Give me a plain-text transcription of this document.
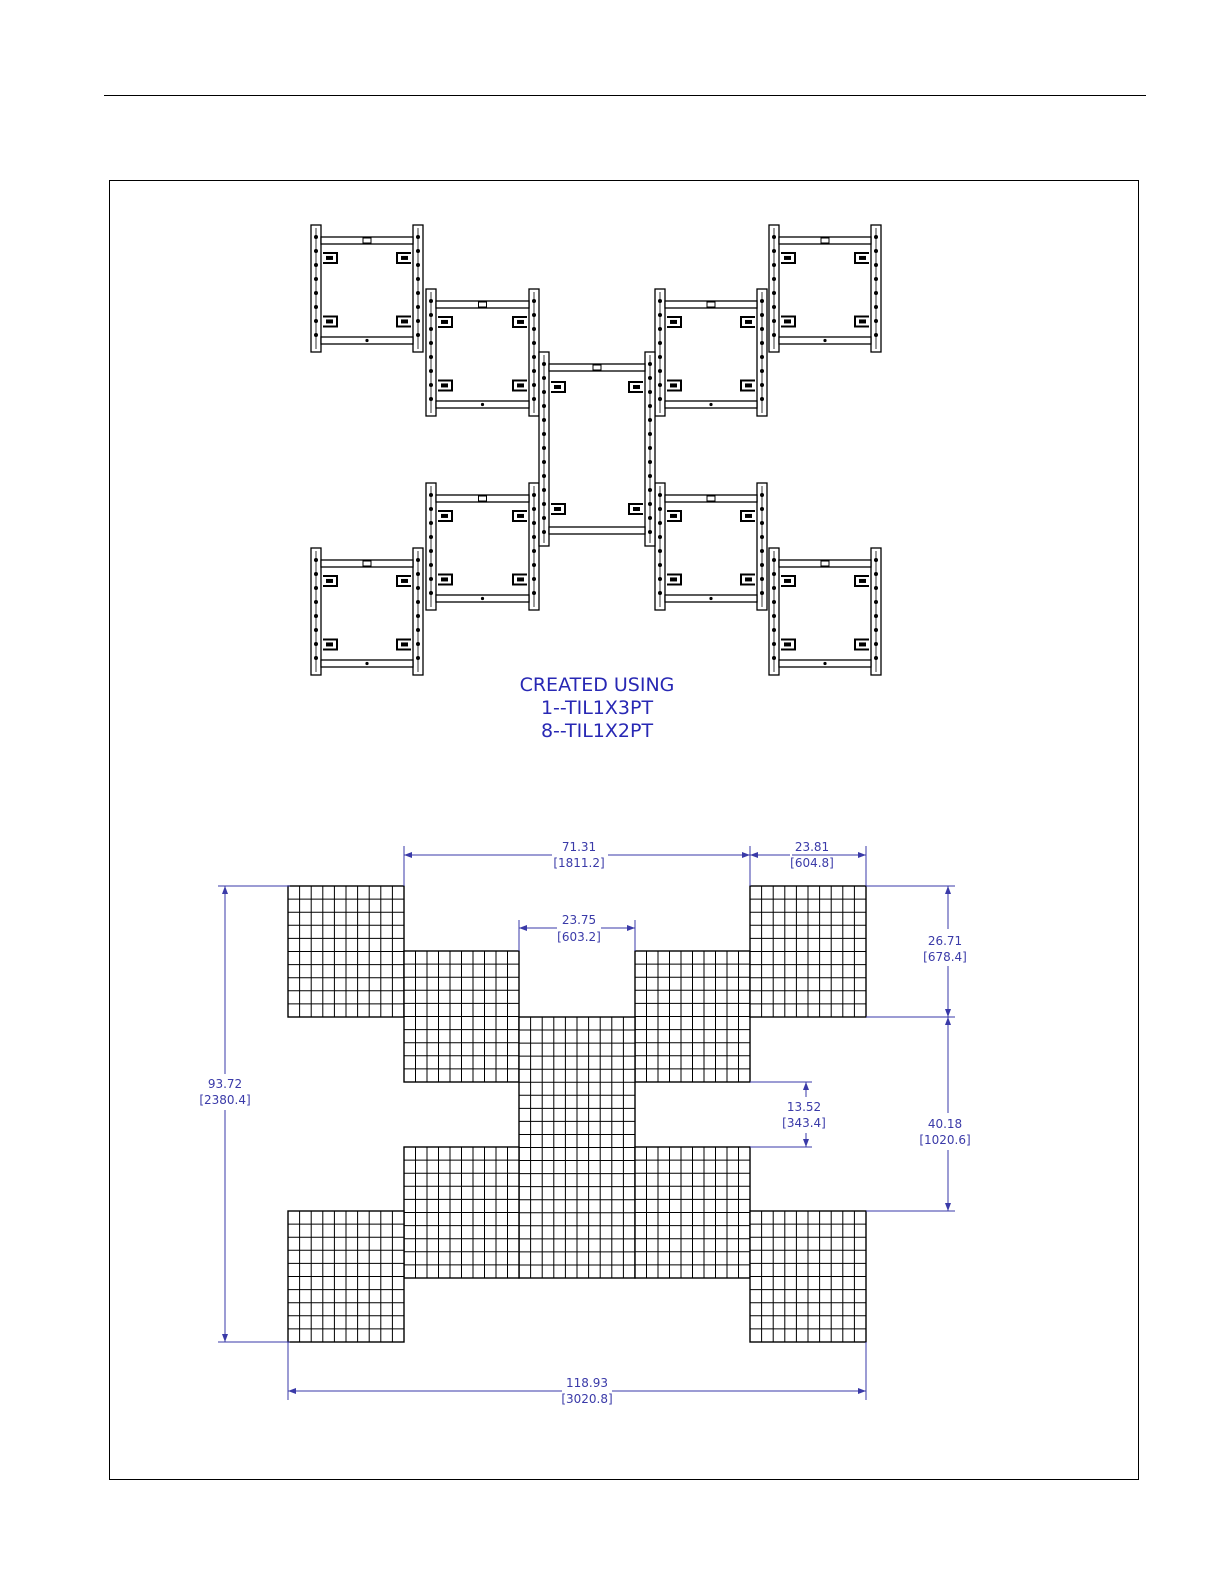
CREATED USING
1--TIL1X3PT
8--TIL1X2PT
71.31
[1811.2]
23.81
[604.8]
23.75
[603.2]	26.71
[678.4]
93.72
[2380.4]	13.52
[343.4]	40.18
[1020.6]
118.93
[3020.8]
